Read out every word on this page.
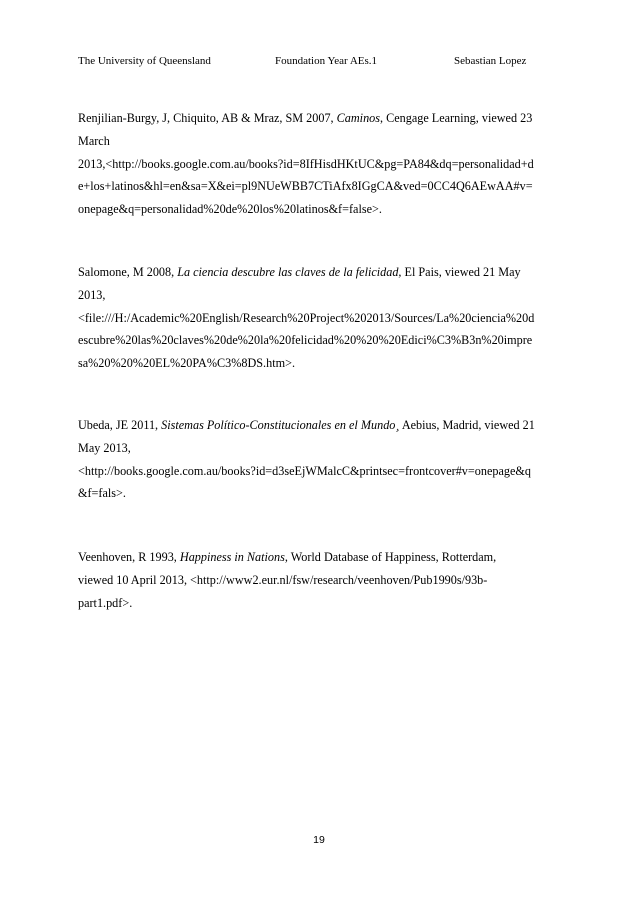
The University of Queensland	Foundation Year AEs.1	Sebastian Lopez
Renjilian-Burgy, J, Chiquito, AB & Mraz, SM 2007, Caminos, Cengage Learning, viewed 23
March
2013,<http://books.google.com.au/books?id=8IfHisdHKtUC&pg=PA84&dq=personalidad+d
e+los+latinos&hl=en&sa=X&ei=pl9NUeWBB7CTiAfx8IGgCA&ved=0CC4Q6AEwAA#v=
onepage&q=personalidad%20de%20los%20latinos&f=false>.
Salomone, M 2008, La ciencia descubre las claves de la felicidad, El Pais, viewed 21 May
2013,
<file:///H:/Academic%20English/Research%20Project%202013/Sources/La%20ciencia%20d
escubre%20las%20claves%20de%20la%20felicidad%20%20%20Edici%C3%B3n%20impre
sa%20%20%20EL%20PA%C3%8DS.htm>.
Ubeda, JE 2011, Sistemas Político-Constitucionales en el Mundo¸ Aebius, Madrid, viewed 21
May 2013,
<http://books.google.com.au/books?id=d3seEjWMalcC&printsec=frontcover#v=onepage&q
&f=fals>.
Veenhoven, R 1993, Happiness in Nations, World Database of Happiness, Rotterdam,
viewed 10 April 2013, <http://www2.eur.nl/fsw/research/veenhoven/Pub1990s/93b-
part1.pdf>.
19
